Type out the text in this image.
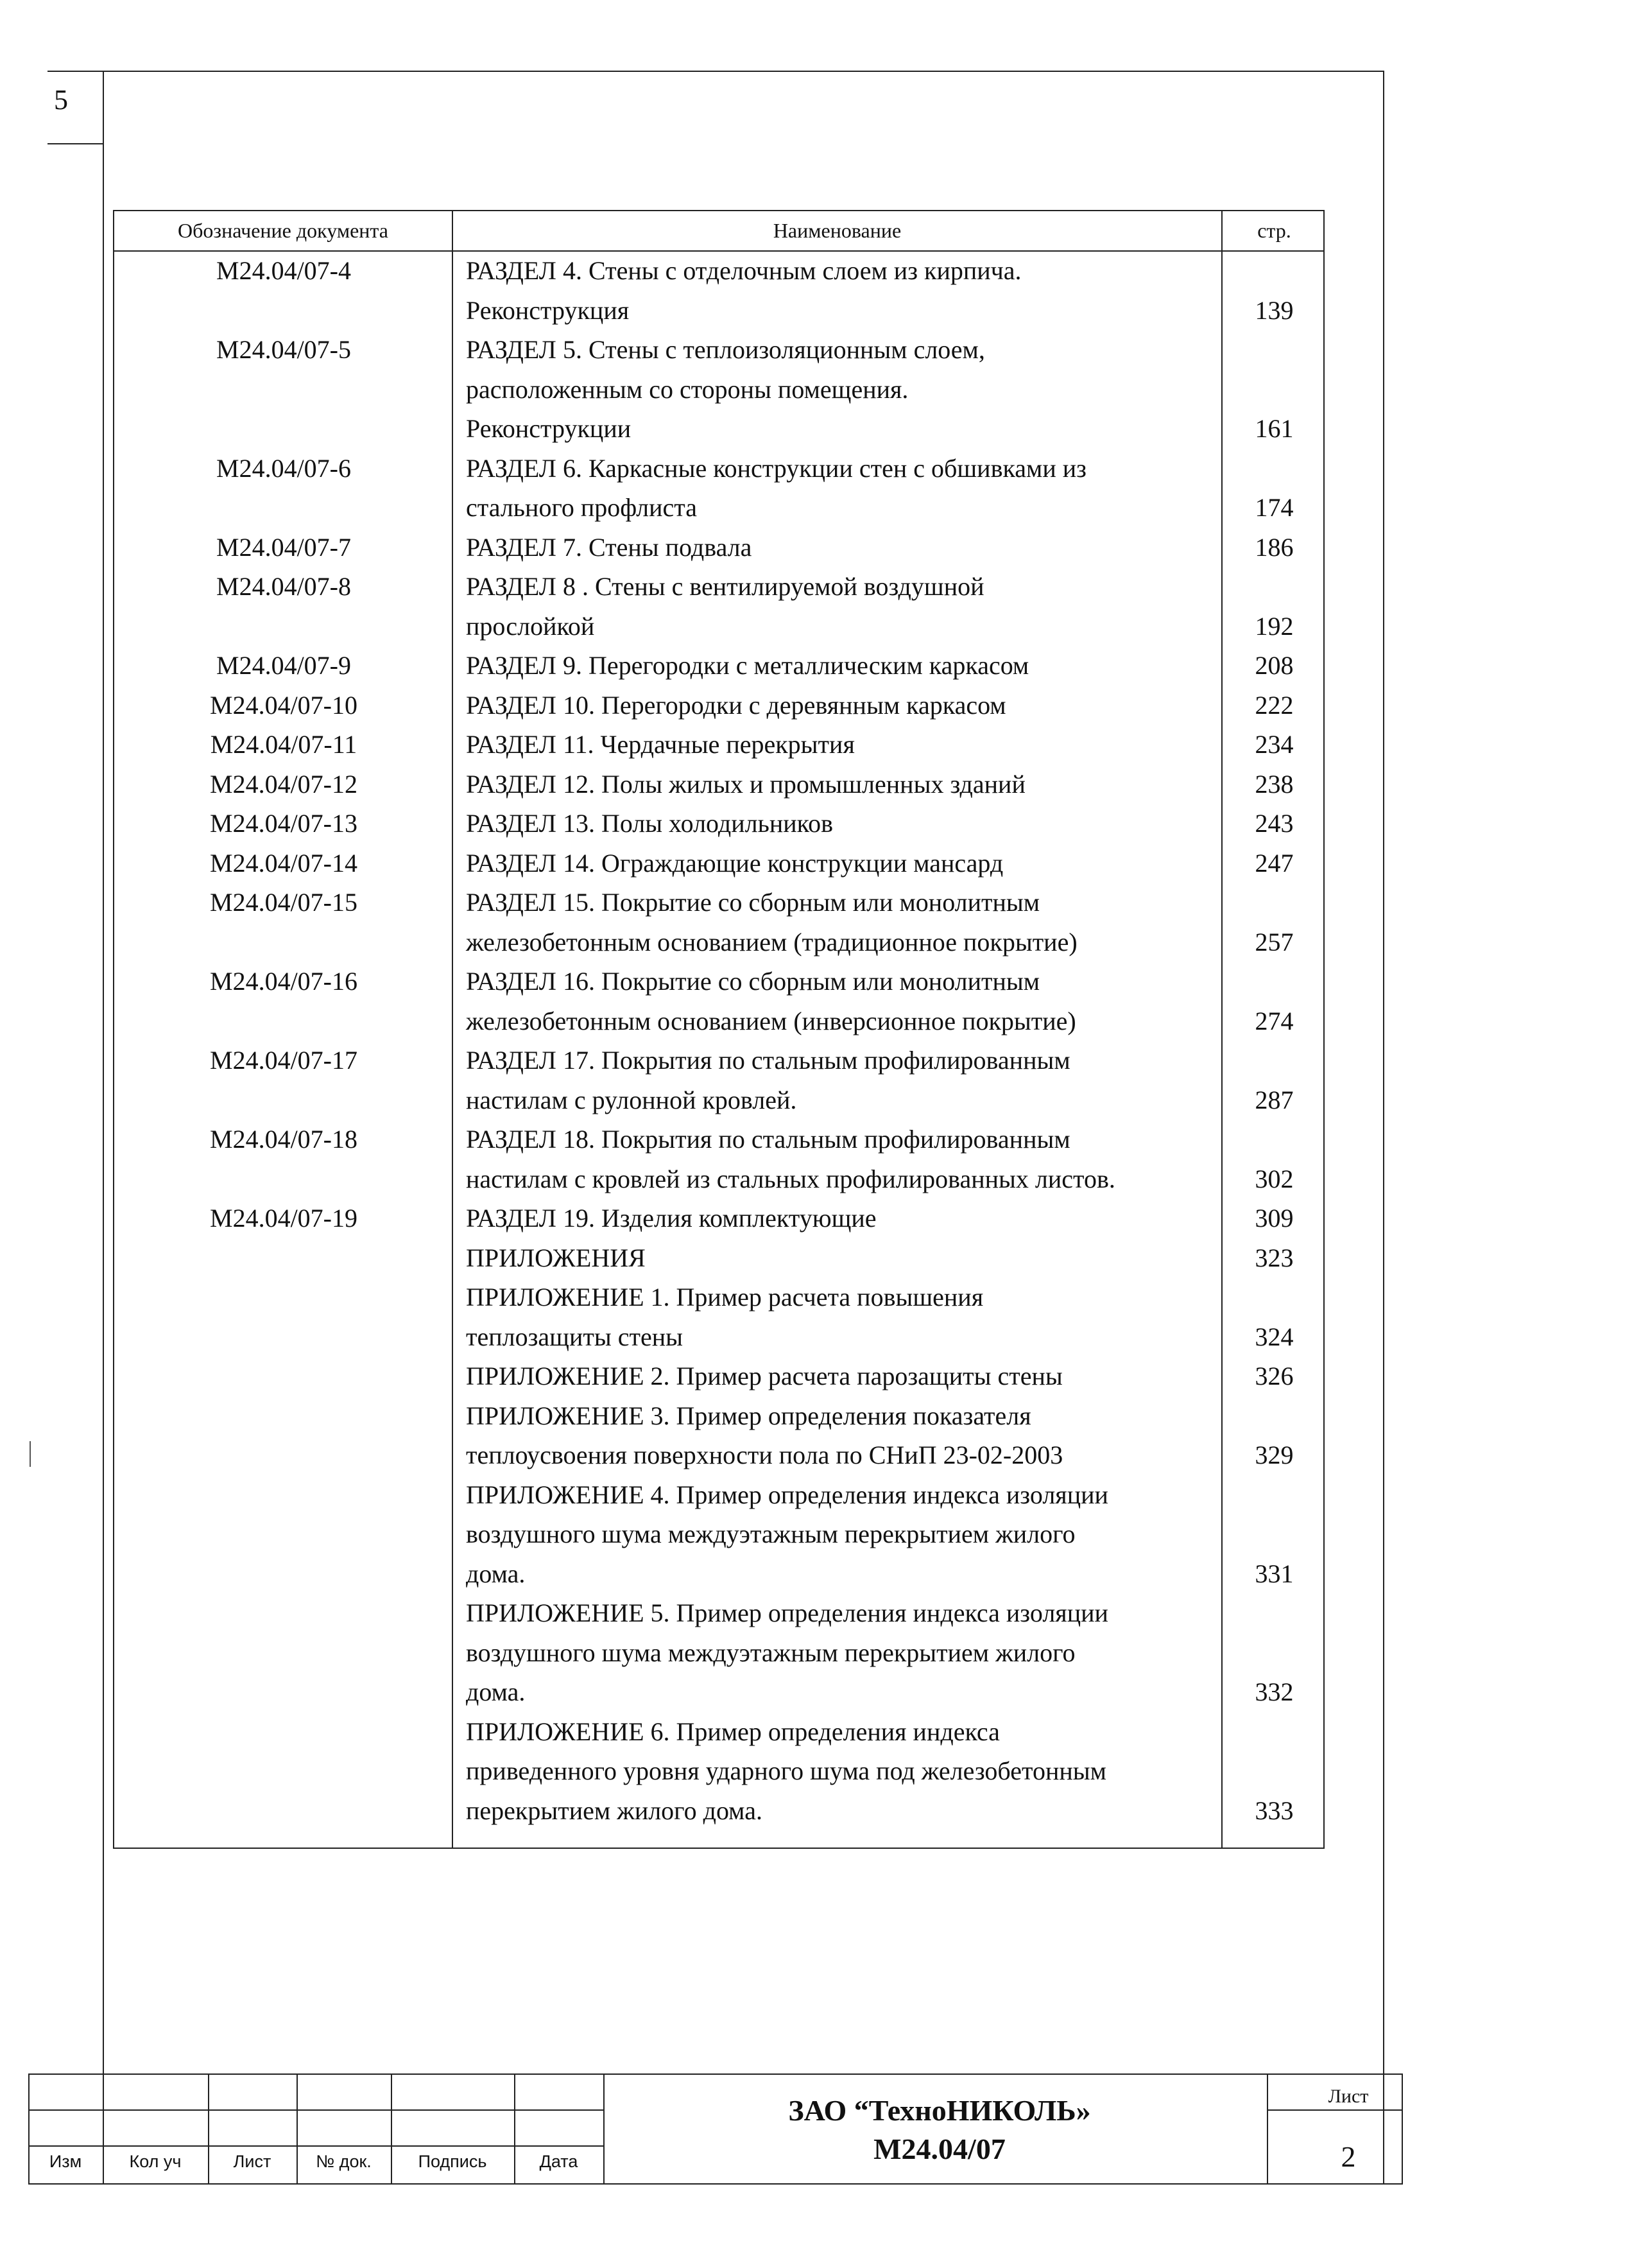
5
Обозначение документа	Наименование	стр.
М24.04/07-4	РАЗДЕЛ 4. Стены с отделочным слоем из кирпича.
Реконструкция	139
М24.04/07-5	РАЗДЕЛ 5. Стены с теплоизоляционным слоем,
расположенным со стороны помещения.
Реконструкции	161
М24.04/07-6	РАЗДЕЛ 6. Каркасные конструкции стен с обшивками из
стального профлиста	174
М24.04/07-7	РАЗДЕЛ 7. Стены подвала	186
М24.04/07-8	РАЗДЕЛ 8 . Стены с вентилируемой воздушной
прослойкой	192
М24.04/07-9	РАЗДЕЛ 9. Перегородки с металлическим каркасом	208
М24.04/07-10	РАЗДЕЛ 10. Перегородки с деревянным каркасом	222
М24.04/07-11	РАЗДЕЛ 11. Чердачные перекрытия	234
М24.04/07-12	РАЗДЕЛ 12. Полы жилых и промышленных зданий	238
М24.04/07-13	РАЗДЕЛ 13. Полы холодильников	243
М24.04/07-14	РАЗДЕЛ 14. Ограждающие конструкции мансард	247
М24.04/07-15	РАЗДЕЛ 15. Покрытие со сборным или монолитным
железобетонным основанием (традиционное покрытие)	257
М24.04/07-16	РАЗДЕЛ 16. Покрытие со сборным или монолитным
железобетонным основанием (инверсионное покрытие)	274
М24.04/07-17	РАЗДЕЛ 17. Покрытия по стальным профилированным
настилам с рулонной кровлей.	287
М24.04/07-18	РАЗДЕЛ 18. Покрытия по стальным профилированным
настилам с кровлей из стальных профилированных листов.	302
М24.04/07-19	РАЗДЕЛ 19. Изделия комплектующие	309
ПРИЛОЖЕНИЯ	323
ПРИЛОЖЕНИЕ 1. Пример расчета повышения
теплозащиты стены	324
ПРИЛОЖЕНИЕ 2. Пример расчета парозащиты стены	326
ПРИЛОЖЕНИЕ 3. Пример определения показателя
теплоусвоения поверхности пола по СНиП 23-02-2003	329
ПРИЛОЖЕНИЕ 4. Пример определения индекса изоляции
воздушного шума междуэтажным перекрытием жилого
дома.	331
ПРИЛОЖЕНИЕ 5. Пример определения индекса изоляции
воздушного шума междуэтажным перекрытием жилого
дома.	332
ПРИЛОЖЕНИЕ 6. Пример определения индекса
приведенного уровня ударного шума под железобетонным
перекрытием жилого дома.	333
Изм	Кол уч	Лист	№ док.	Подпись	Дата
ЗАО “ТехноНИКОЛЬ»
М24.04/07
Лист
2
